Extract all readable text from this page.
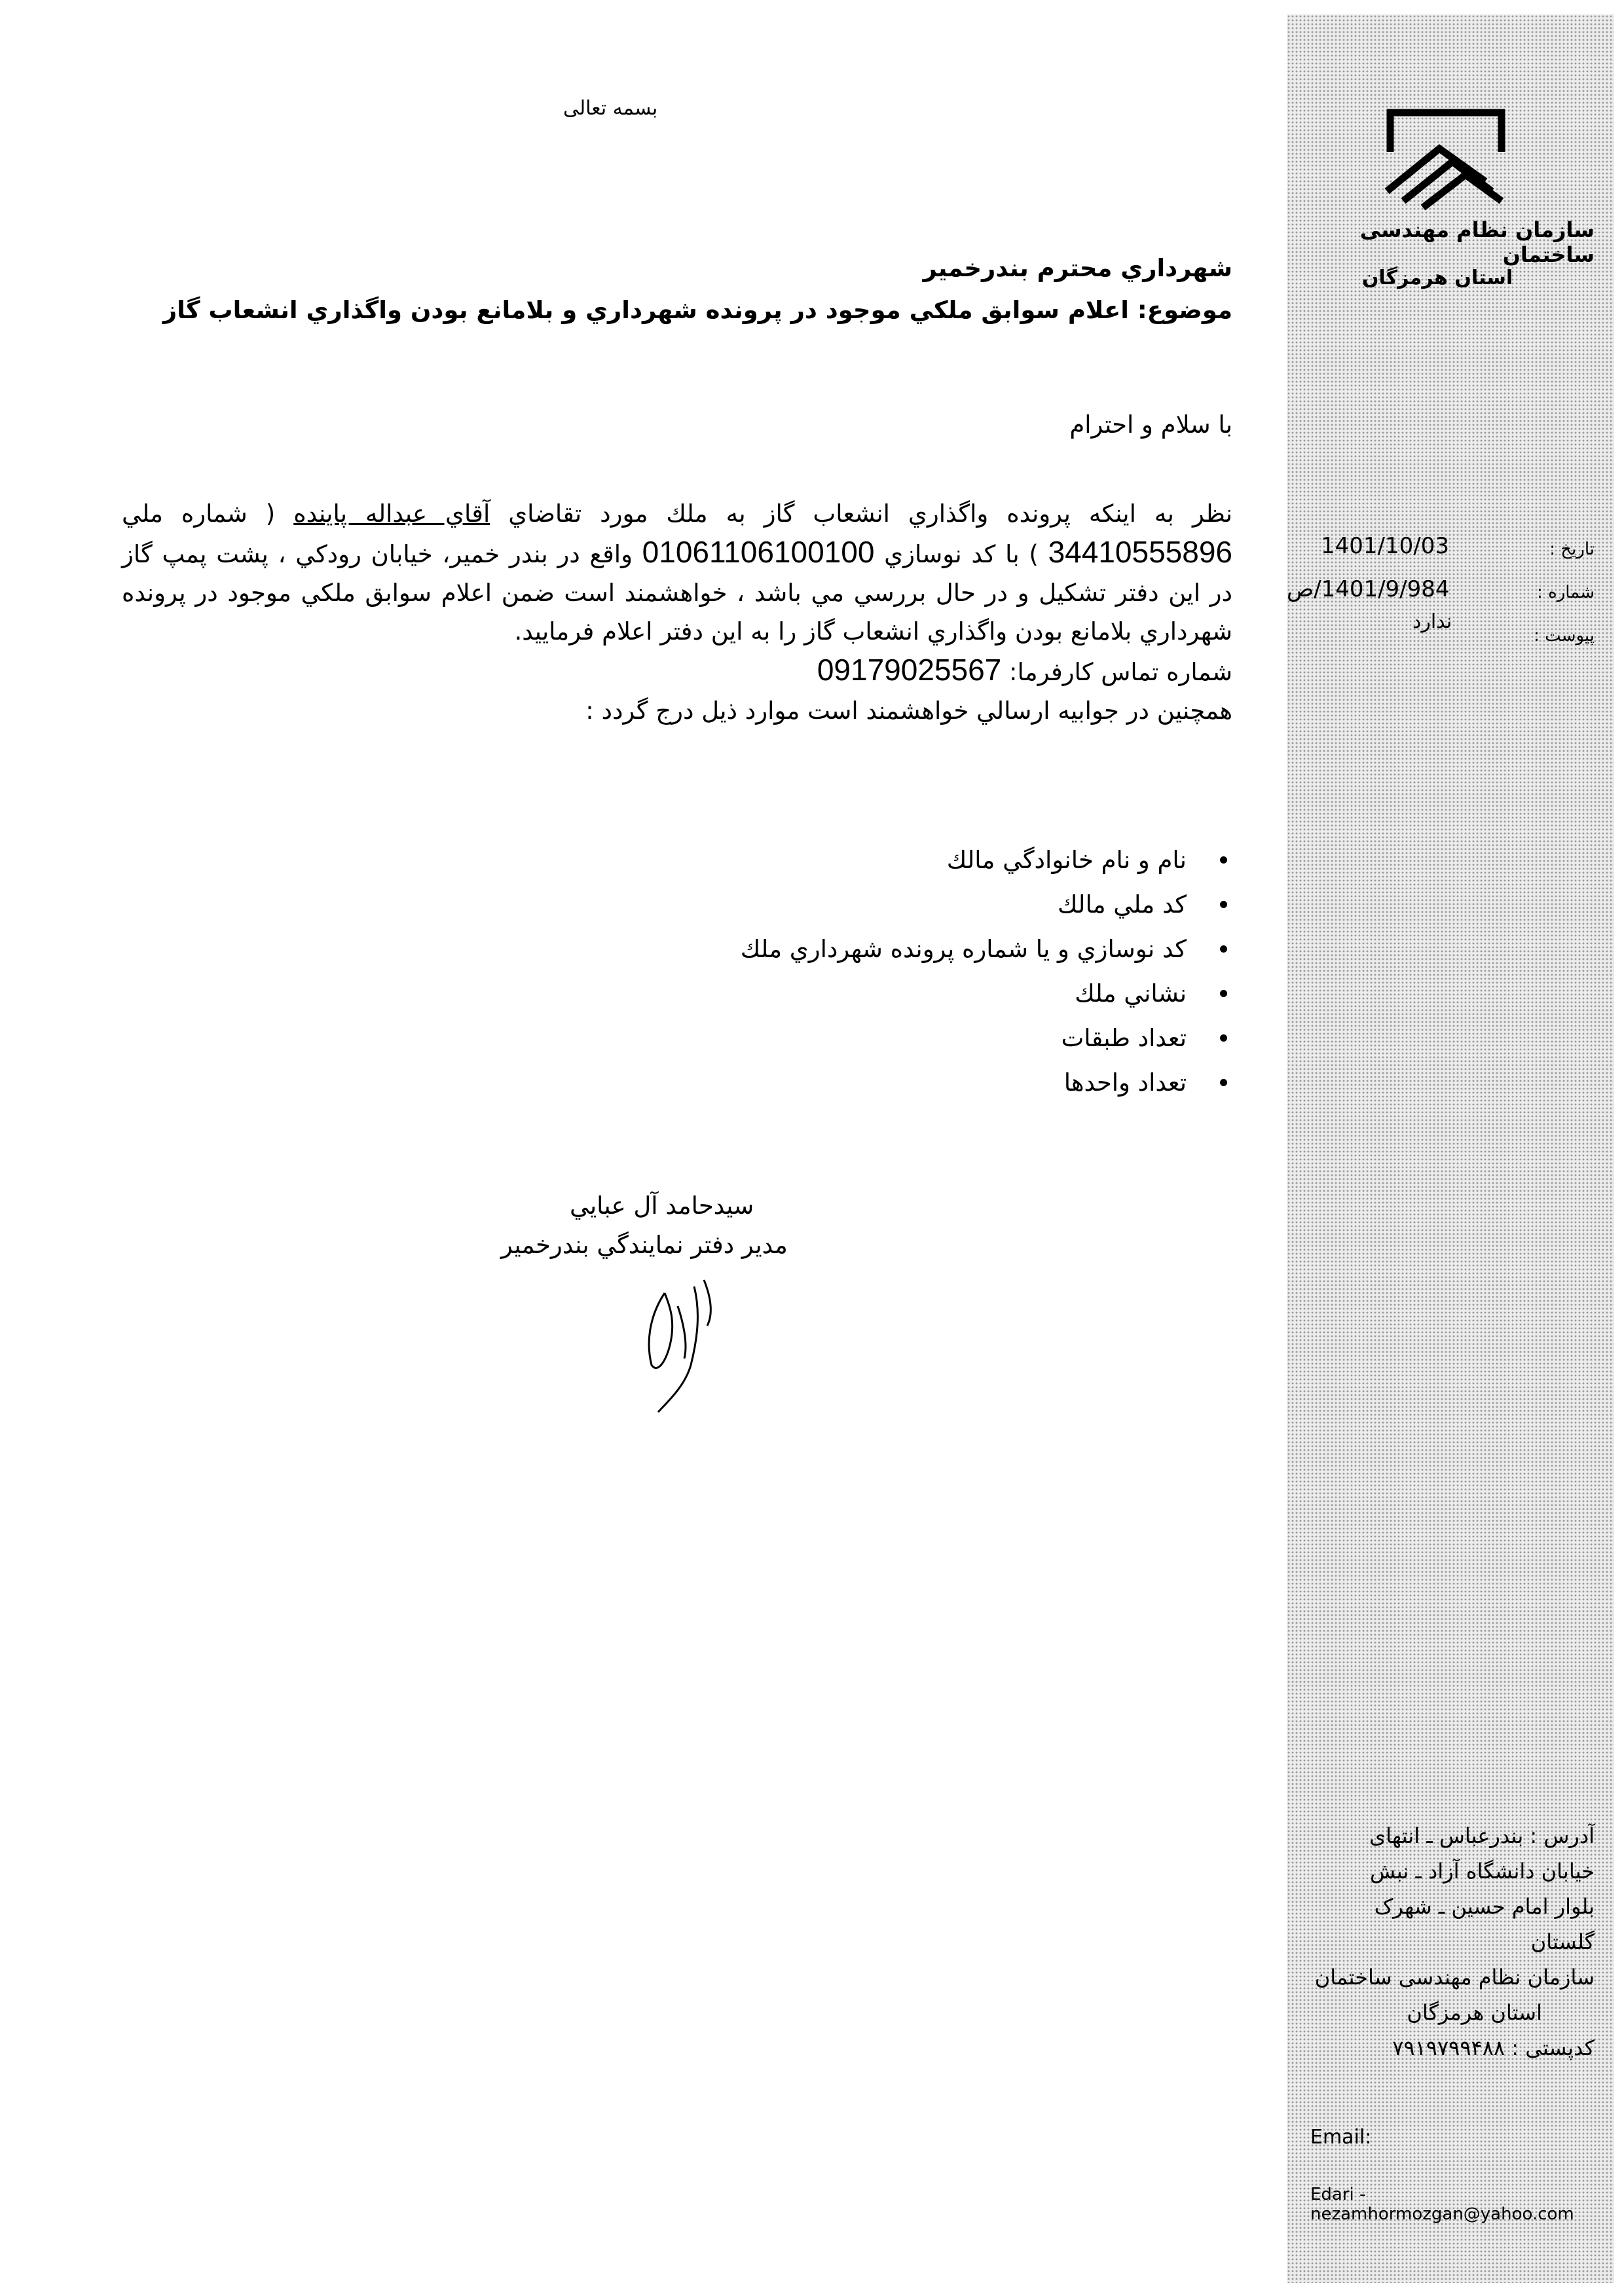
سازمان نظام مهندسی ساختمان
استان هرمزگان
تاریخ :
1401/10/03
شماره :
1401/9/984/ص
پیوست :
ندارد
آدرس : بندرعباس ـ انتهای
خیابان دانشگاه آزاد ـ نبش
بلوار امام حسین ـ شهرک
گلستان
سازمان نظام مهندسی ساختمان
استان هرمزگان
کدپستی : ۷۹۱۹۷۹۹۴۸۸
Email:
Edari - nezamhormozgan@yahoo.com
بسمه تعالی
شهرداري محترم بندرخمير
موضوع: اعلام سوابق ملكي موجود در پرونده شهرداري و بلامانع بودن واگذاري انشعاب گاز
با سلام و احترام
نظر به اينكه پرونده واگذاري انشعاب گاز به ملك مورد تقاضاي آقاي عبداله پاينده ( شماره ملي 34410555896 ) با كد نوسازي 01061106100100 واقع در بندر خمير، خيابان رودكي ، پشت پمپ گاز در اين دفتر تشكيل و در حال بررسي مي باشد ، خواهشمند است ضمن اعلام سوابق ملكي موجود در پرونده شهرداري بلامانع بودن واگذاري انشعاب گاز را به اين دفتر اعلام فرماييد.
شماره تماس كارفرما: 09179025567
همچنين در جوابيه ارسالي خواهشمند است موارد ذيل درج گردد :
نام و نام خانوادگي مالك
كد ملي مالك
كد نوسازي و يا شماره پرونده شهرداري ملك
نشاني ملك
تعداد طبقات
تعداد واحدها
سيدحامد آل عبايي
مدير دفتر نمايندگي بندرخمير
